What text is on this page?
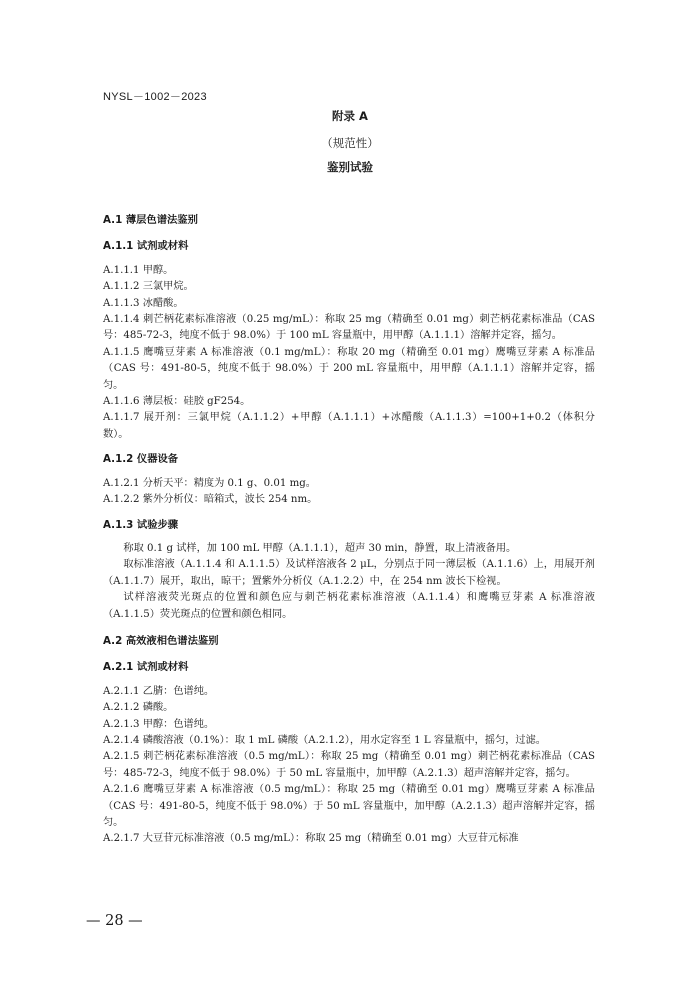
NYSL－1002－2023
附录 A
（规范性）
鉴别试验
A.1 薄层色谱法鉴别
A.1.1 试剂或材料

A.1.1.1 甲醇。

A.1.1.2 三氯甲烷。

A.1.1.3 冰醋酸。

A.1.1.4 刺芒柄花素标准溶液（0.25 mg/mL）：称取 25 mg（精确至 0.01 mg）刺芒柄花素标准品（CAS 号：485-72-3，纯度不低于 98.0%）于 100 mL 容量瓶中，用甲醇（A.1.1.1）溶解并定容，摇匀。

A.1.1.5 鹰嘴豆芽素 A 标准溶液（0.1 mg/mL）：称取 20 mg（精确至 0.01 mg）鹰嘴豆芽素 A 标准品（CAS 号：491-80-5，纯度不低于 98.0%）于 200 mL 容量瓶中，用甲醇（A.1.1.1）溶解并定容，摇匀。

A.1.1.6 薄层板：硅胶 gF254。

A.1.1.7 展开剂：三氯甲烷（A.1.1.2）+甲醇（A.1.1.1）+冰醋酸（A.1.1.3）=100+1+0.2（体积分数）。

A.1.2 仪器设备

A.1.2.1 分析天平：精度为 0.1 g、0.01 mg。

A.1.2.2 紫外分析仪：暗箱式，波长 254 nm。

A.1.3 试验步骤

称取 0.1 g 试样，加 100 mL 甲醇（A.1.1.1），超声 30 min，静置，取上清液备用。

取标准溶液（A.1.1.4 和 A.1.1.5）及试样溶液各 2 μL，分别点于同一薄层板（A.1.1.6）上，用展开剂（A.1.1.7）展开，取出，晾干；置紫外分析仪（A.1.2.2）中，在 254 nm 波长下检视。

试样溶液荧光斑点的位置和颜色应与刺芒柄花素标准溶液（A.1.1.4）和鹰嘴豆芽素 A 标准溶液（A.1.1.5）荧光斑点的位置和颜色相同。

A.2 高效液相色谱法鉴别
A.2.1 试剂或材料

A.2.1.1 乙腈：色谱纯。

A.2.1.2 磷酸。

A.2.1.3 甲醇：色谱纯。

A.2.1.4 磷酸溶液（0.1%）：取 1 mL 磷酸（A.2.1.2），用水定容至 1 L 容量瓶中，摇匀，过滤。

A.2.1.5 刺芒柄花素标准溶液（0.5 mg/mL）：称取 25 mg（精确至 0.01 mg）刺芒柄花素标准品（CAS 号：485-72-3，纯度不低于 98.0%）于 50 mL 容量瓶中，加甲醇（A.2.1.3）超声溶解并定容，摇匀。

A.2.1.6 鹰嘴豆芽素 A 标准溶液（0.5 mg/mL）：称取 25 mg（精确至 0.01 mg）鹰嘴豆芽素 A 标准品（CAS 号：491-80-5，纯度不低于 98.0%）于 50 mL 容量瓶中，加甲醇（A.2.1.3）超声溶解并定容，摇匀。

A.2.1.7 大豆苷元标准溶液（0.5 mg/mL）：称取 25 mg（精确至 0.01 mg）大豆苷元标准

— 28 —
